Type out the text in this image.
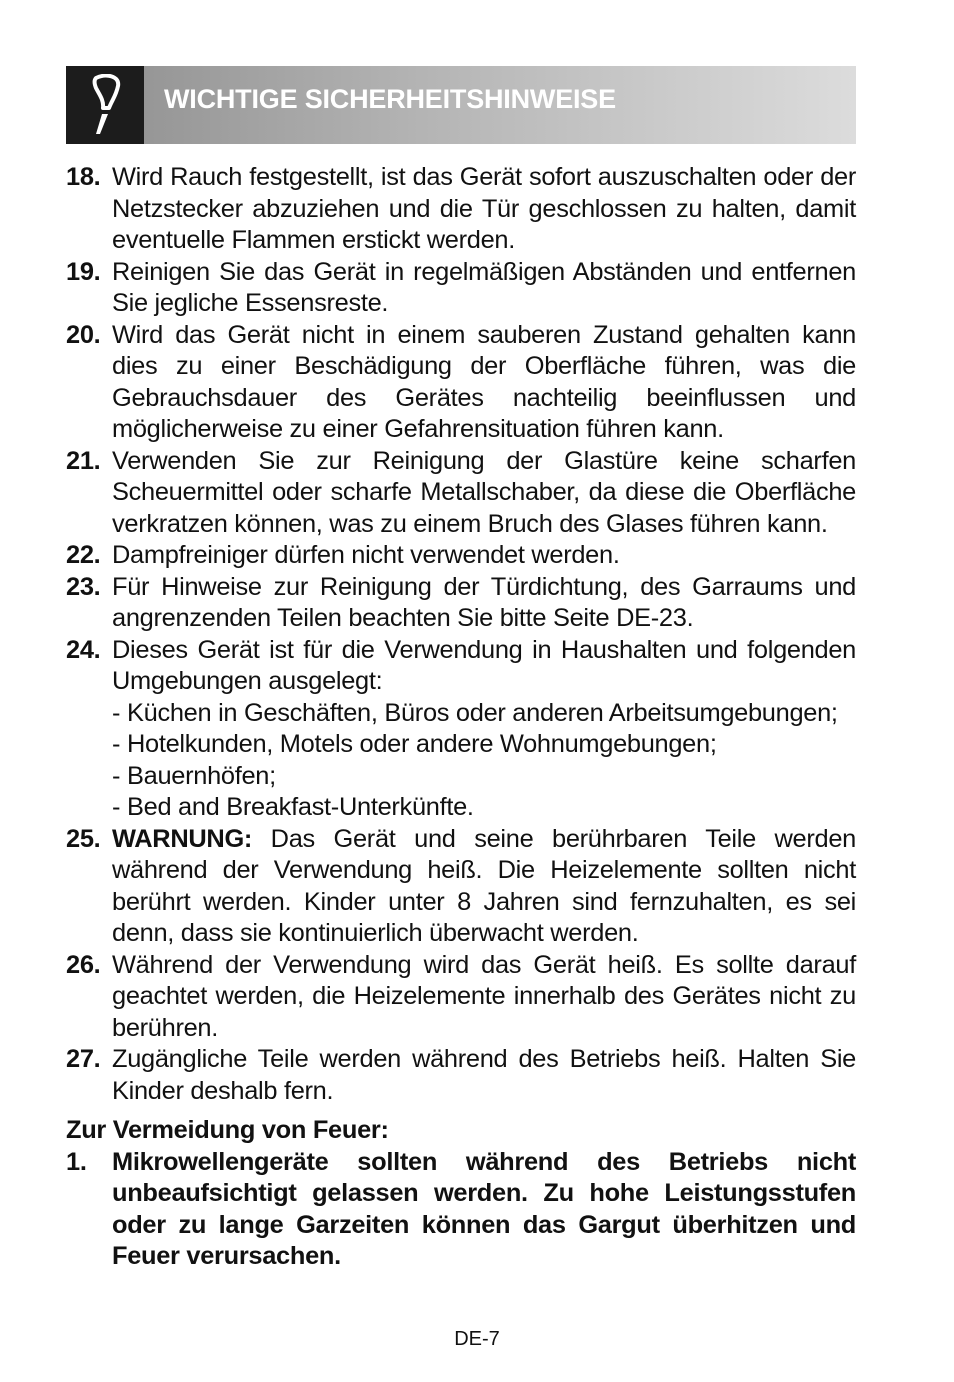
WICHTIGE SICHERHEITSHINWEISE
18. Wird Rauch festgestellt, ist das Gerät sofort auszuschalten oder der Netzstecker abzuziehen und die Tür geschlossen zu halten, damit eventuelle Flammen erstickt werden.
19. Reinigen Sie das Gerät in regelmäßigen Abständen und entfernen Sie jegliche Essensreste.
20. Wird das Gerät nicht in einem sauberen Zustand gehalten kann dies zu einer Beschädigung der Oberfläche führen, was die Gebrauchsdauer des Gerätes nachteilig beeinflussen und möglicherweise zu einer Gefahrensituation führen kann.
21. Verwenden Sie zur Reinigung der Glastüre keine scharfen Scheuermittel oder scharfe Metallschaber, da diese die Oberfläche verkratzen können, was zu einem Bruch des Glases führen kann.
22. Dampfreiniger dürfen nicht verwendet werden.
23. Für Hinweise zur Reinigung der Türdichtung, des Garraums und angrenzenden Teilen beachten Sie bitte Seite DE-23.
24. Dieses Gerät ist für die Verwendung in Haushalten und folgenden Umgebungen ausgelegt:
- Küchen in Geschäften, Büros oder anderen Arbeitsumgebungen;
- Hotelkunden, Motels oder andere Wohnumgebungen;
- Bauernhöfen;
- Bed and Breakfast-Unterkünfte.
25. WARNUNG: Das Gerät und seine berührbaren Teile werden während der Verwendung heiß. Die Heizelemente sollten nicht berührt werden. Kinder unter 8 Jahren sind fernzuhalten, es sei denn, dass sie kontinuierlich überwacht werden.
26. Während der Verwendung wird das Gerät heiß. Es sollte darauf geachtet werden, die Heizelemente innerhalb des Gerätes nicht zu berühren.
27. Zugängliche Teile werden während des Betriebs heiß. Halten Sie Kinder deshalb fern.
Zur Vermeidung von Feuer:
1. Mikrowellengeräte sollten während des Betriebs nicht unbeaufsichtigt gelassen werden. Zu hohe Leistungsstufen oder zu lange Garzeiten können das Gargut überhitzen und Feuer verursachen.
DE-7
